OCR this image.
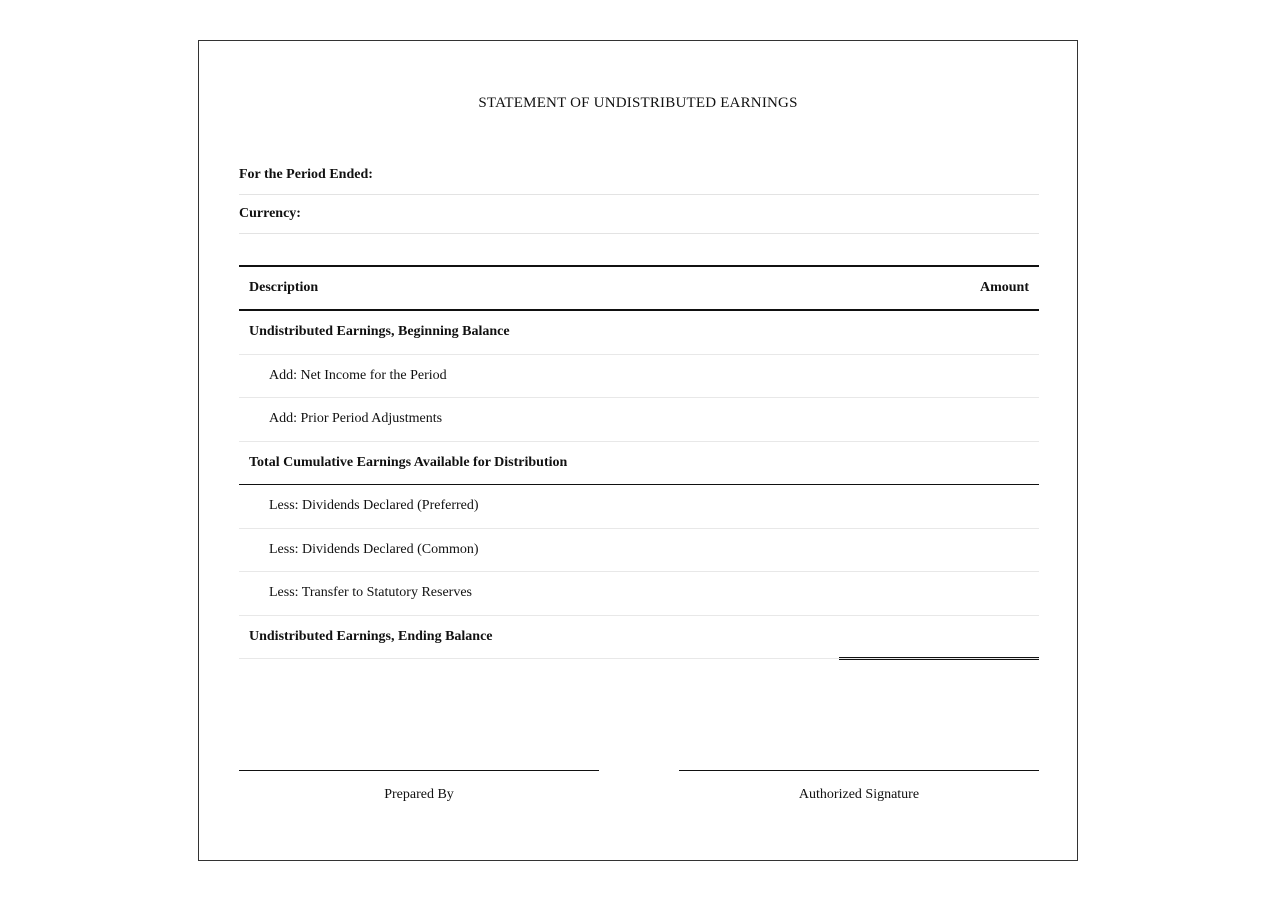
STATEMENT OF UNDISTRIBUTED EARNINGS
For the Period Ended:
Currency:
Description	Amount
Undistributed Earnings, Beginning Balance
Add: Net Income for the Period
Add: Prior Period Adjustments
Total Cumulative Earnings Available for Distribution
Less: Dividends Declared (Preferred)
Less: Dividends Declared (Common)
Less: Transfer to Statutory Reserves
Undistributed Earnings, Ending Balance
Prepared By	Authorized Signature
